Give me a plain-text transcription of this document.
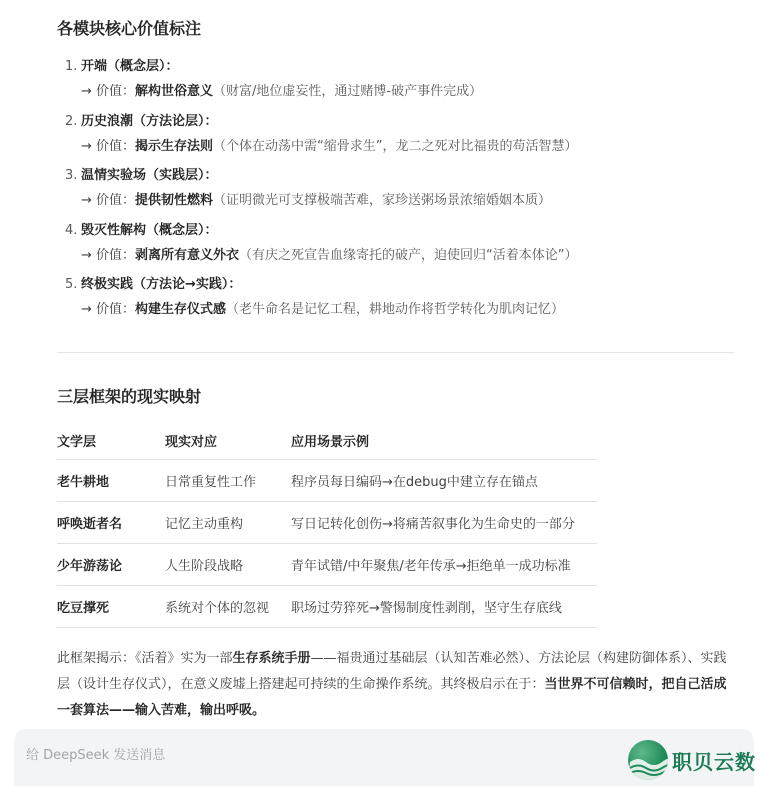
各模块核心价值标注
1. 开端（概念层）：
→ 价值：解构世俗意义（财富/地位虚妄性，通过赌博-破产事件完成）
2. 历史浪潮（方法论层）：
→ 价值：揭示生存法则（个体在动荡中需“缩骨求生”，龙二之死对比福贵的苟活智慧）
3. 温情实验场（实践层）：
→ 价值：提供韧性燃料（证明微光可支撑极端苦难，家珍送粥场景浓缩婚姻本质）
4. 毁灭性解构（概念层）：
→ 价值：剥离所有意义外衣（有庆之死宣告血缘寄托的破产，迫使回归“活着本体论”）
5. 终极实践（方法论→实践）：
→ 价值：构建生存仪式感（老牛命名是记忆工程，耕地动作将哲学转化为肌肉记忆）
三层框架的现实映射
文学层	现实对应	应用场景示例
老牛耕地	日常重复性工作	程序员每日编码→在debug中建立存在锚点
呼唤逝者名	记忆主动重构	写日记转化创伤→将痛苦叙事化为生命史的一部分
少年游荡论	人生阶段战略	青年试错/中年聚焦/老年传承→拒绝单一成功标准
吃豆撑死	系统对个体的忽视	职场过劳猝死→警惕制度性剥削，坚守生存底线
此框架揭示：《活着》实为一部生存系统手册——福贵通过基础层（认知苦难必然）、方法论层（构建防御体系）、实践层（设计生存仪式），在意义废墟上搭建起可持续的生命操作系统。其终极启示在于：当世界不可信赖时，把自己活成一套算法——输入苦难，输出呼吸。
给 DeepSeek 发送消息	职贝云数
